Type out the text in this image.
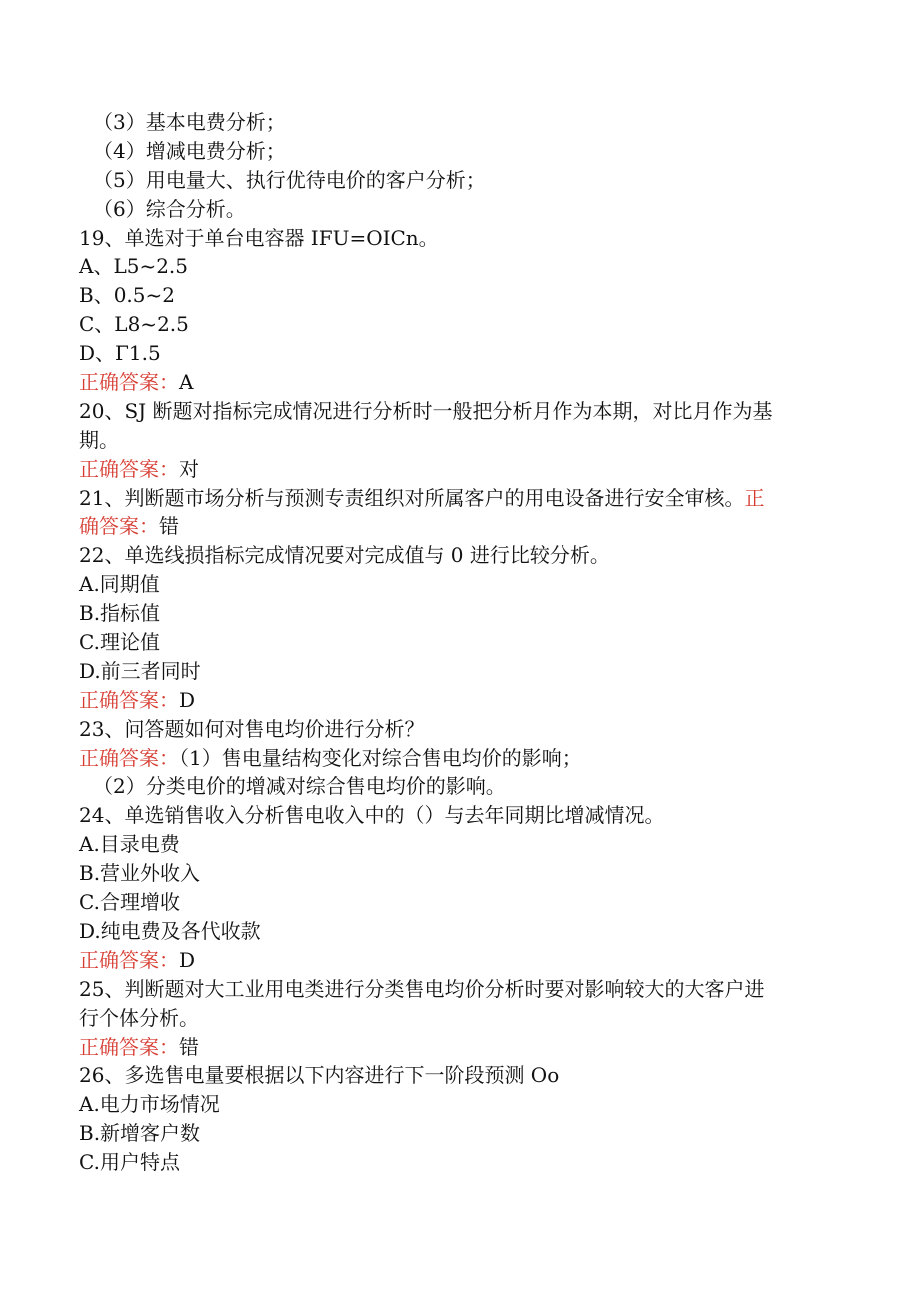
（3）基本电费分析；
（4）增减电费分析；
（5）用电量大、执行优待电价的客户分析；
（6）综合分析。
19、单选对于单台电容器 IFU=OICn。
A、L5~2.5
B、0.5~2
C、L8~2.5
D、Γ1.5
正确答案：A
20、SJ 断题对指标完成情况进行分析时一般把分析月作为本期，对比月作为基
期。
正确答案：对
21、判断题市场分析与预测专责组织对所属客户的用电设备进行安全审核。正
确答案：错
22、单选线损指标完成情况要对完成值与 0 进行比较分析。
A.同期值
B.指标值
C.理论值
D.前三者同时
正确答案：D
23、问答题如何对售电均价进行分析？
正确答案：（1）售电量结构变化对综合售电均价的影响；
（2）分类电价的增减对综合售电均价的影响。
24、单选销售收入分析售电收入中的（）与去年同期比增减情况。
A.目录电费
B.营业外收入
C.合理增收
D.纯电费及各代收款
正确答案：D
25、判断题对大工业用电类进行分类售电均价分析时要对影响较大的大客户进
行个体分析。
正确答案：错
26、多选售电量要根据以下内容进行下一阶段预测 Oo
A.电力市场情况
B.新增客户数
C.用户特点
